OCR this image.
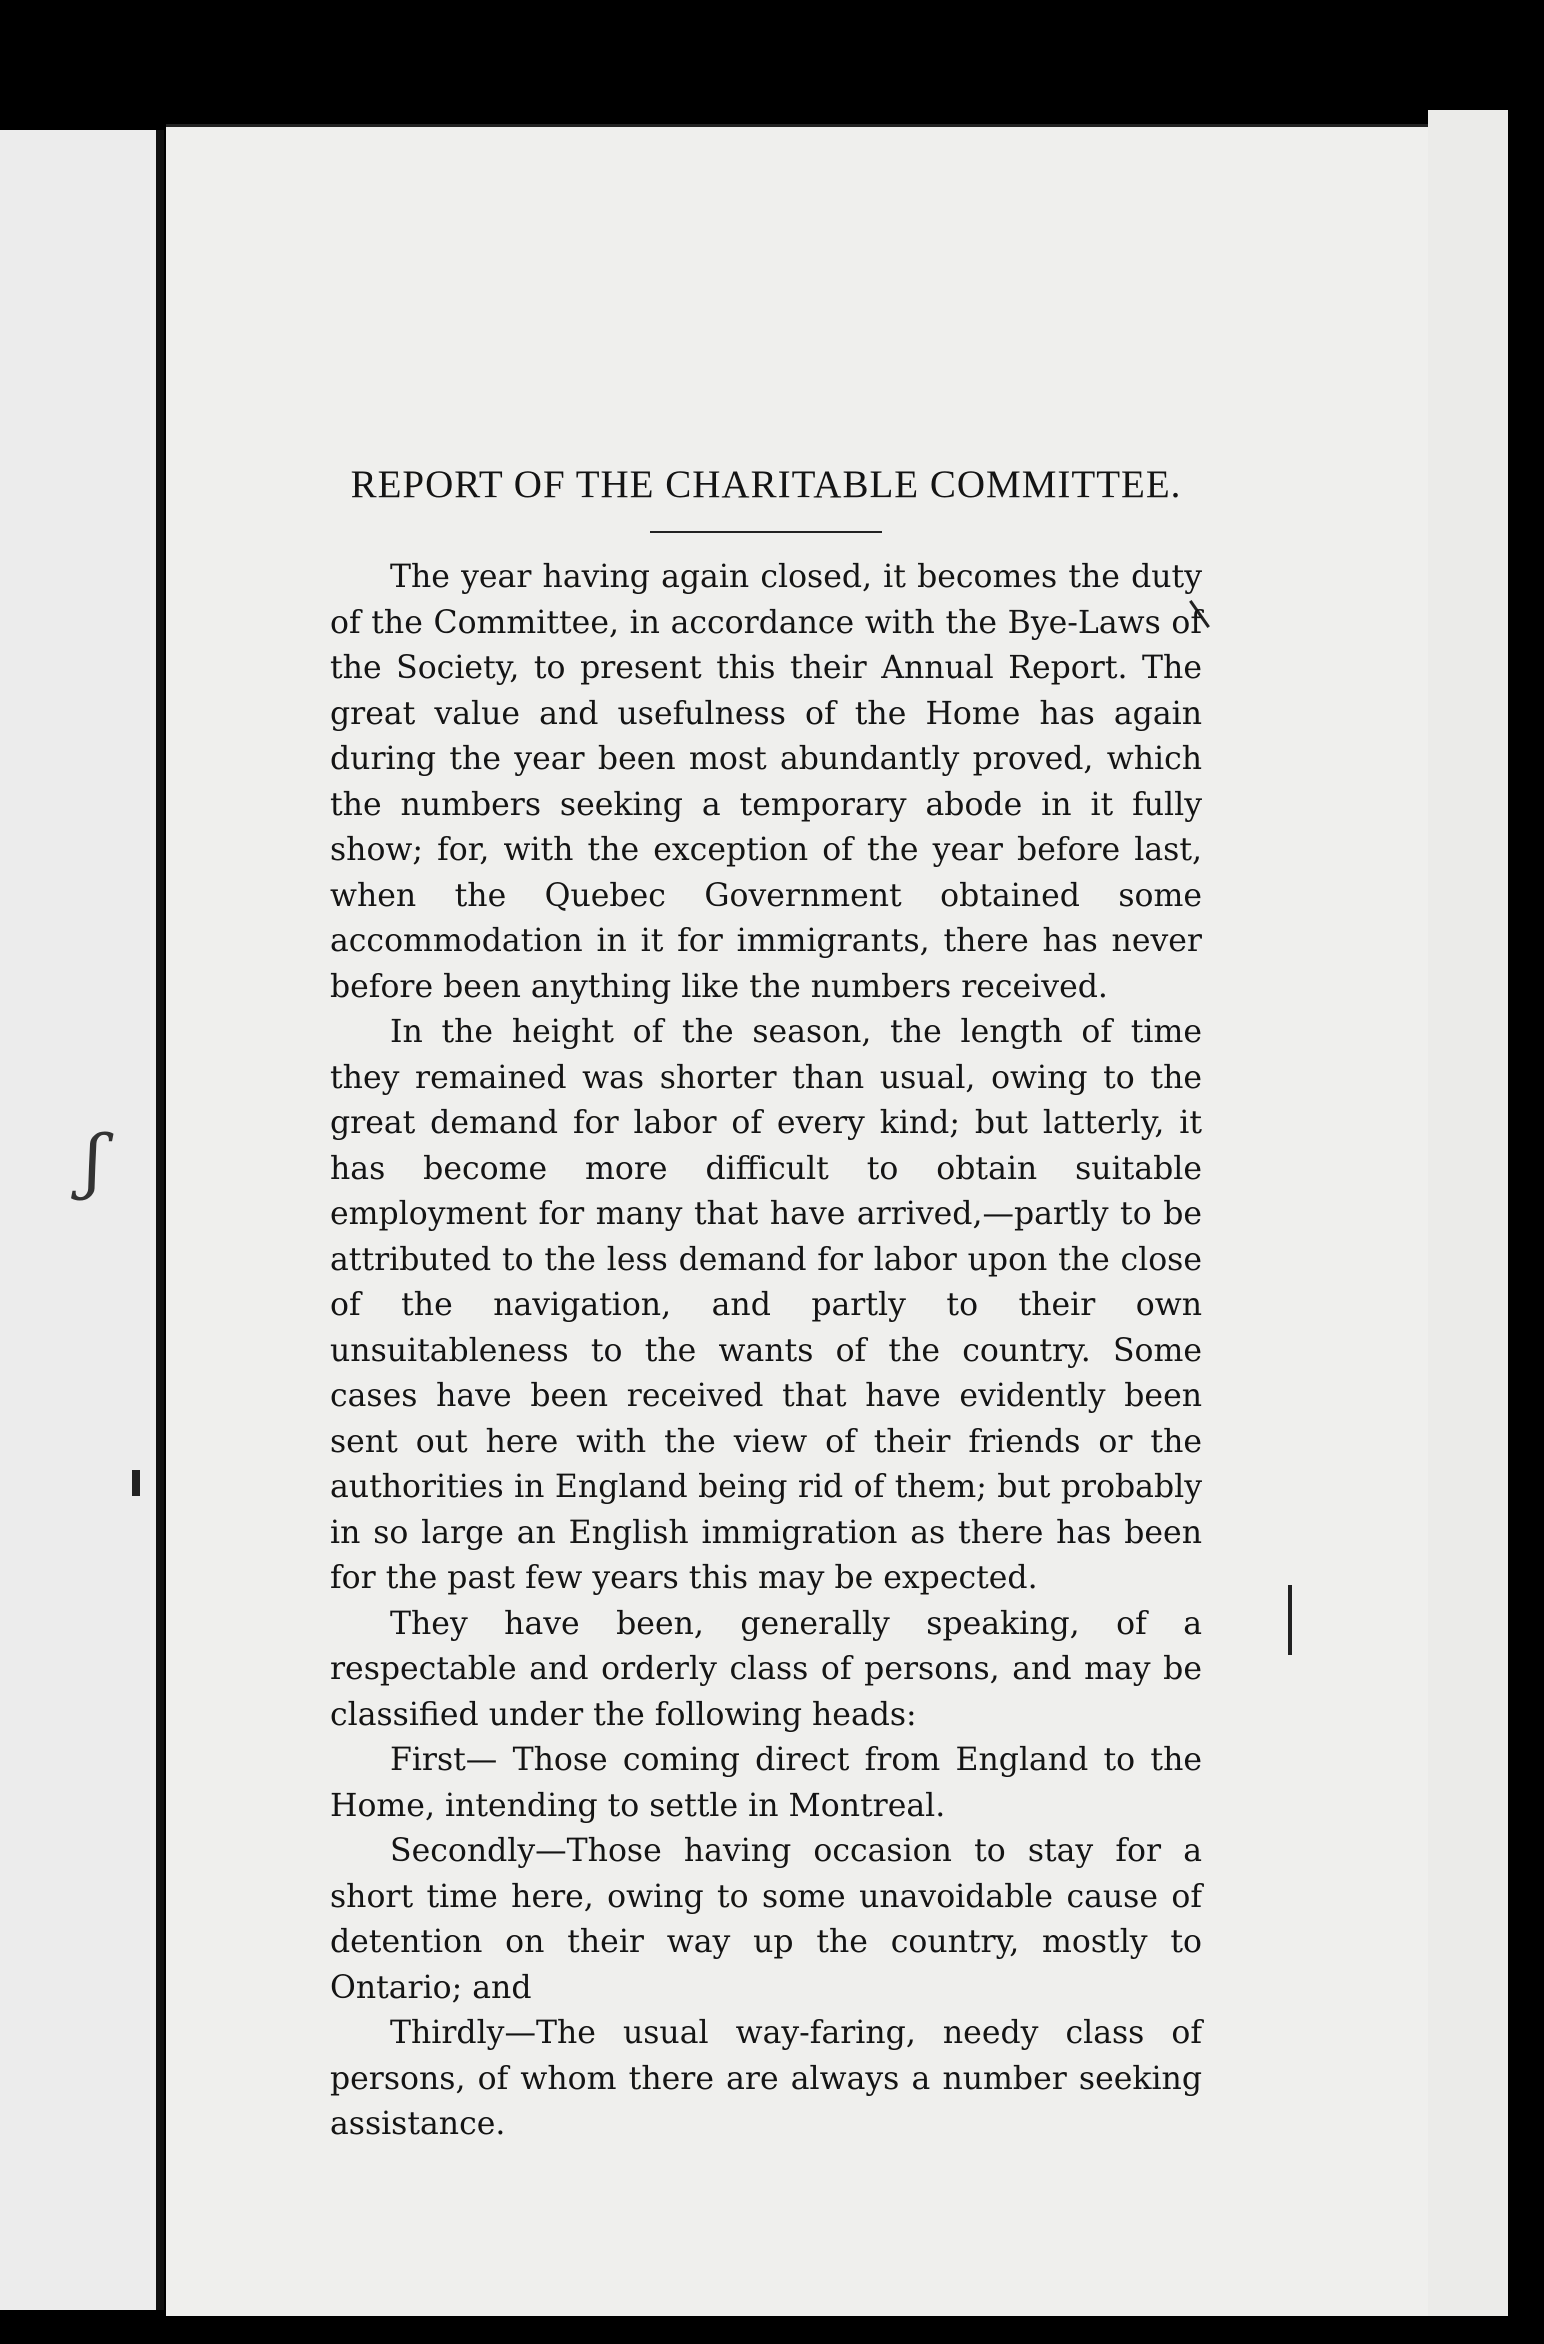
ʃ
REPORT OF THE CHARITABLE COMMITTEE.

The year having again closed, it becomes the duty of the Committee, in accordance with the Bye-Laws of the Society, to present this their Annual Report. The great value and usefulness of the Home has again during the year been most abundantly proved, which the numbers seeking a temporary abode in it fully show; for, with the exception of the year before last, when the Quebec Government obtained some accommodation in it for immigrants, there has never before been anything like the numbers received.

In the height of the season, the length of time they remained was shorter than usual, owing to the great demand for labor of every kind; but latterly, it has become more difficult to obtain suitable employment for many that have arrived,—partly to be attributed to the less demand for labor upon the close of the navigation, and partly to their own unsuitableness to the wants of the country. Some cases have been received that have evidently been sent out here with the view of their friends or the authorities in England being rid of them; but probably in so large an English immigration as there has been for the past few years this may be expected.

They have been, generally speaking, of a respectable and orderly class of persons, and may be classified under the following heads:

First— Those coming direct from England to the Home, intending to settle in Montreal.

Secondly—Those having occasion to stay for a short time here, owing to some unavoidable cause of detention on their way up the country, mostly to Ontario; and

Thirdly—The usual way-faring, needy class of persons, of whom there are always a number seeking assistance.
